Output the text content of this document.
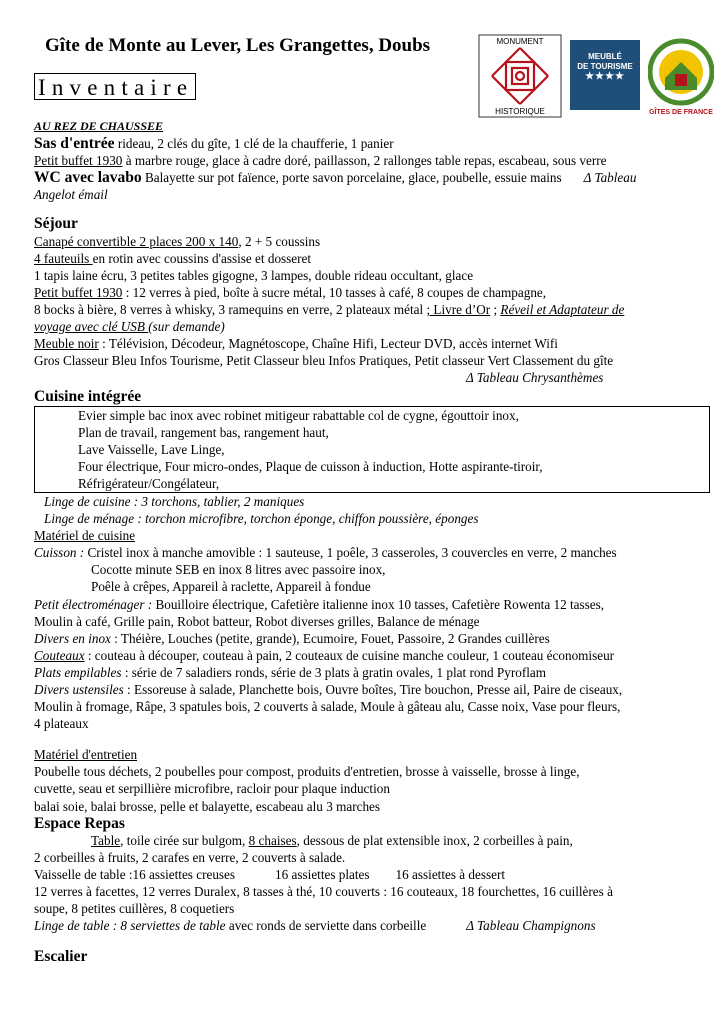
Gîte de Monte au Lever, Les Grangettes, Doubs
Inventaire
MONUMENT
HISTORIQUE
MEUBLÉ
DE TOURISME
★★★★
GÎTES DE FRANCE

AU REZ DE CHAUSSEE

Sas d'entrée rideau, 2 clés du gîte, 1 clé de la chaufferie, 1 panier

Petit buffet 1930 à marbre rouge, glace à cadre doré, paillasson, 2 rallonges table repas, escabeau, sous verre

WC avec lavabo Balayette sur pot faïence, porte savon porcelaine, glace, poubelle, essuie mains Δ Tableau

Angelot émail

Séjour

Canapé convertible 2 places 200 x 140, 2 + 5 coussins

4 fauteuils en rotin avec coussins d'assise et dosseret

1 tapis laine écru, 3 petites tables gigogne, 3 lampes, double rideau occultant, glace

Petit buffet 1930 : 12 verres à pied, boîte à sucre métal, 10 tasses à café, 8 coupes de champagne,

8 bocks à bière, 8 verres à whisky, 3 ramequins en verre, 2 plateaux métal ; Livre d’Or ; Réveil et Adaptateur de

voyage avec clé USB (sur demande)

Meuble noir : Télévision, Décodeur, Magnétoscope, Chaîne Hifi, Lecteur DVD, accès internet Wifi

Gros Classeur Bleu Infos Tourisme, Petit Classeur bleu Infos Pratiques, Petit classeur Vert Classement du gîte

Δ Tableau Chrysanthèmes

Cuisine intégrée

Evier simple bac inox avec robinet mitigeur rabattable col de cygne, égouttoir inox,

Plan de travail, rangement bas, rangement haut,

Lave Vaisselle, Lave Linge,

Four électrique, Four micro-ondes, Plaque de cuisson à induction, Hotte aspirante-tiroir,

Réfrigérateur/Congélateur,

Linge de cuisine : 3 torchons, tablier, 2 maniques

Linge de ménage : torchon microfibre, torchon éponge, chiffon poussière, éponges

Matériel de cuisine

Cuisson : Cristel inox à manche amovible : 1 sauteuse, 1 poêle, 3 casseroles, 3 couvercles en verre, 2 manches

Cocotte minute SEB en inox 8 litres avec passoire inox,

Poêle à crêpes, Appareil à raclette, Appareil à fondue

Petit électroménager : Bouilloire électrique, Cafetière italienne inox 10 tasses, Cafetière Rowenta 12 tasses,

Moulin à café, Grille pain, Robot batteur, Robot diverses grilles, Balance de ménage

Divers en inox : Théière, Louches (petite, grande), Ecumoire, Fouet, Passoire, 2 Grandes cuillères

Couteaux : couteau à découper, couteau à pain, 2 couteaux de cuisine manche couleur, 1 couteau économiseur

Plats empilables : série de 7 saladiers ronds, série de 3 plats à gratin ovales, 1 plat rond Pyroflam

Divers ustensiles : Essoreuse à salade, Planchette bois, Ouvre boîtes, Tire bouchon, Presse ail, Paire de ciseaux,

Moulin à fromage, Râpe, 3 spatules bois, 2 couverts à salade, Moule à gâteau alu, Casse noix, Vase pour fleurs,

4 plateaux

Matériel d'entretien

Poubelle tous déchets, 2 poubelles pour compost, produits d'entretien, brosse à vaisselle, brosse à linge,

cuvette, seau et serpillière microfibre, racloir pour plaque induction

balai soie, balai brosse, pelle et balayette, escabeau alu 3 marches

Espace Repas

Table, toile cirée sur bulgom, 8 chaises, dessous de plat extensible inox, 2 corbeilles à pain,

2 corbeilles à fruits, 2 carafes en verre, 2 couverts à salade.

Vaisselle de table :16 assiettes creuses	16 assiettes plates 16 assiettes à dessert

12 verres à facettes, 12 verres Duralex, 8 tasses à thé, 10 couverts : 16 couteaux, 18 fourchettes, 16 cuillères à

soupe, 8 petites cuillères, 8 coquetiers

Linge de table : 8 serviettes de table avec ronds de serviette dans corbeille	Δ Tableau Champignons

Escalier
